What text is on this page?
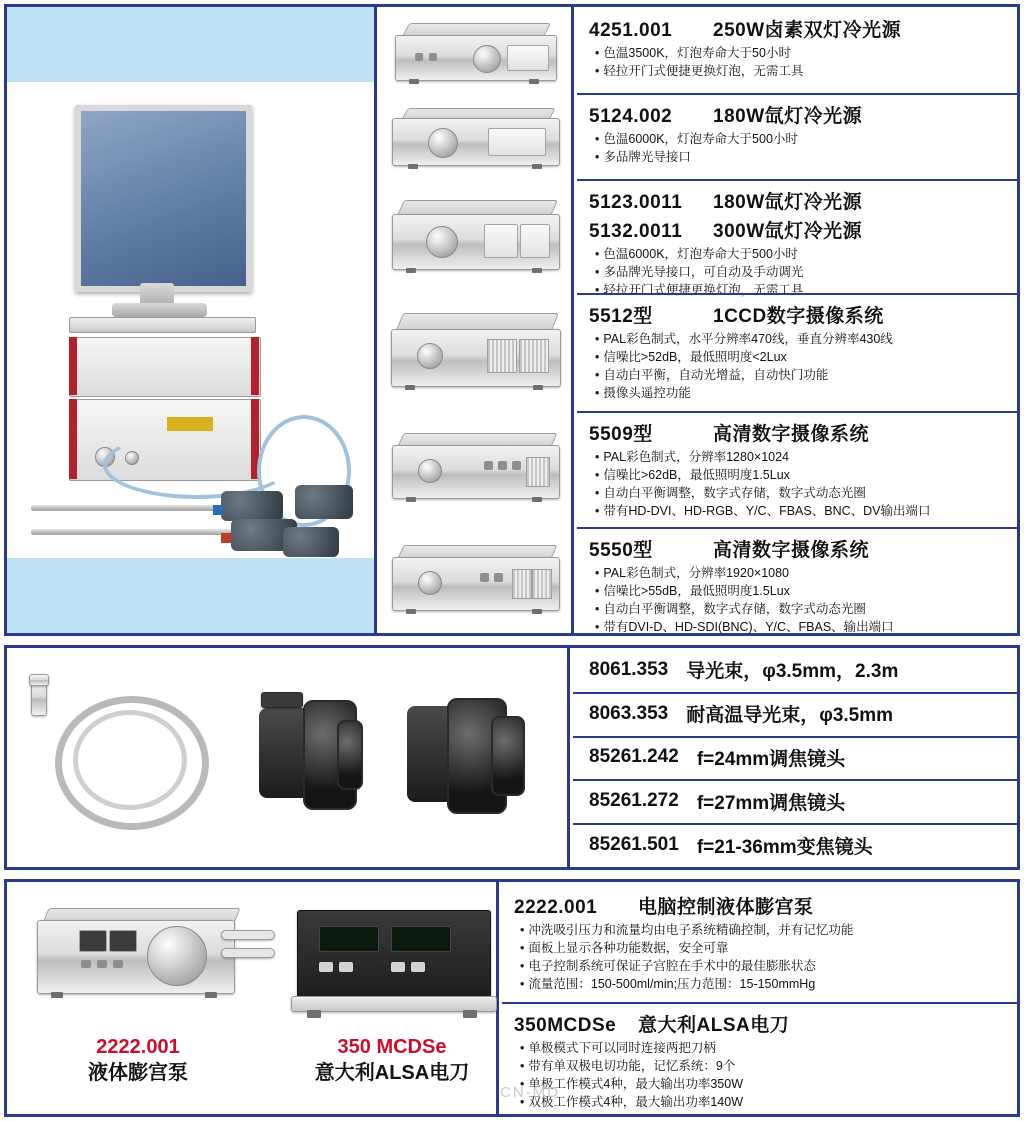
4251.001 250W卤素双灯冷光源
• 色温3500K，灯泡寿命大于50小时
• 轻拉开门式便捷更换灯泡，无需工具
5124.002 180W氙灯冷光源
• 色温6000K，灯泡寿命大于500小时
• 多品牌光导接口
5123.0011 180W氙灯冷光源
5132.0011 300W氙灯冷光源
• 色温6000K，灯泡寿命大于500小时
• 多品牌光导接口，可自动及手动调光
• 轻拉开门式便捷更换灯泡，无需工具
5512型	1CCD数字摄像系统
• PAL彩色制式，水平分辨率470线，垂直分辨率430线
• 信噪比>52dB，最低照明度<2Lux
• 自动白平衡，自动光增益，自动快门功能
• 摄像头遥控功能
5509型	高清数字摄像系统
• PAL彩色制式，分辨率1280×1024
• 信噪比>62dB，最低照明度1.5Lux
• 自动白平衡调整，数字式存储，数字式动态光圈
• 带有HD-DVI、HD-RGB、Y/C、FBAS、BNC、DV输出端口
5550型	高清数字摄像系统
• PAL彩色制式，分辨率1920×1080
• 信噪比>55dB，最低照明度1.5Lux
• 自动白平衡调整，数字式存储，数字式动态光圈
• 带有DVI-D、HD-SDI(BNC)、Y/C、FBAS、输出端口
8061.353 导光束，φ3.5mm，2.3m
8063.353 耐高温导光束，φ3.5mm
85261.242 f=24mm调焦镜头
85261.272 f=27mm调焦镜头
85261.501 f=21-36mm变焦镜头
2222.001
液体膨宫泵
350 MCDSe
意大利ALSA电刀
2222.001 电脑控制液体膨宫泵
• 冲洗吸引压力和流量均由电子系统精确控制，并有记忆功能
• 面板上显示各种功能数据，安全可靠
• 电子控制系统可保证子宫腔在手术中的最佳膨胀状态
• 流量范围：150-500ml/min;压力范围：15-150mmHg
350MCDSe 意大利ALSA电刀
• 单极模式下可以同时连接两把刀柄
• 带有单双极电切功能，记忆系统：9个
• 单极工作模式4种，最大输出功率350W
• 双极工作模式4种，最大输出功率140W
CN-MD
